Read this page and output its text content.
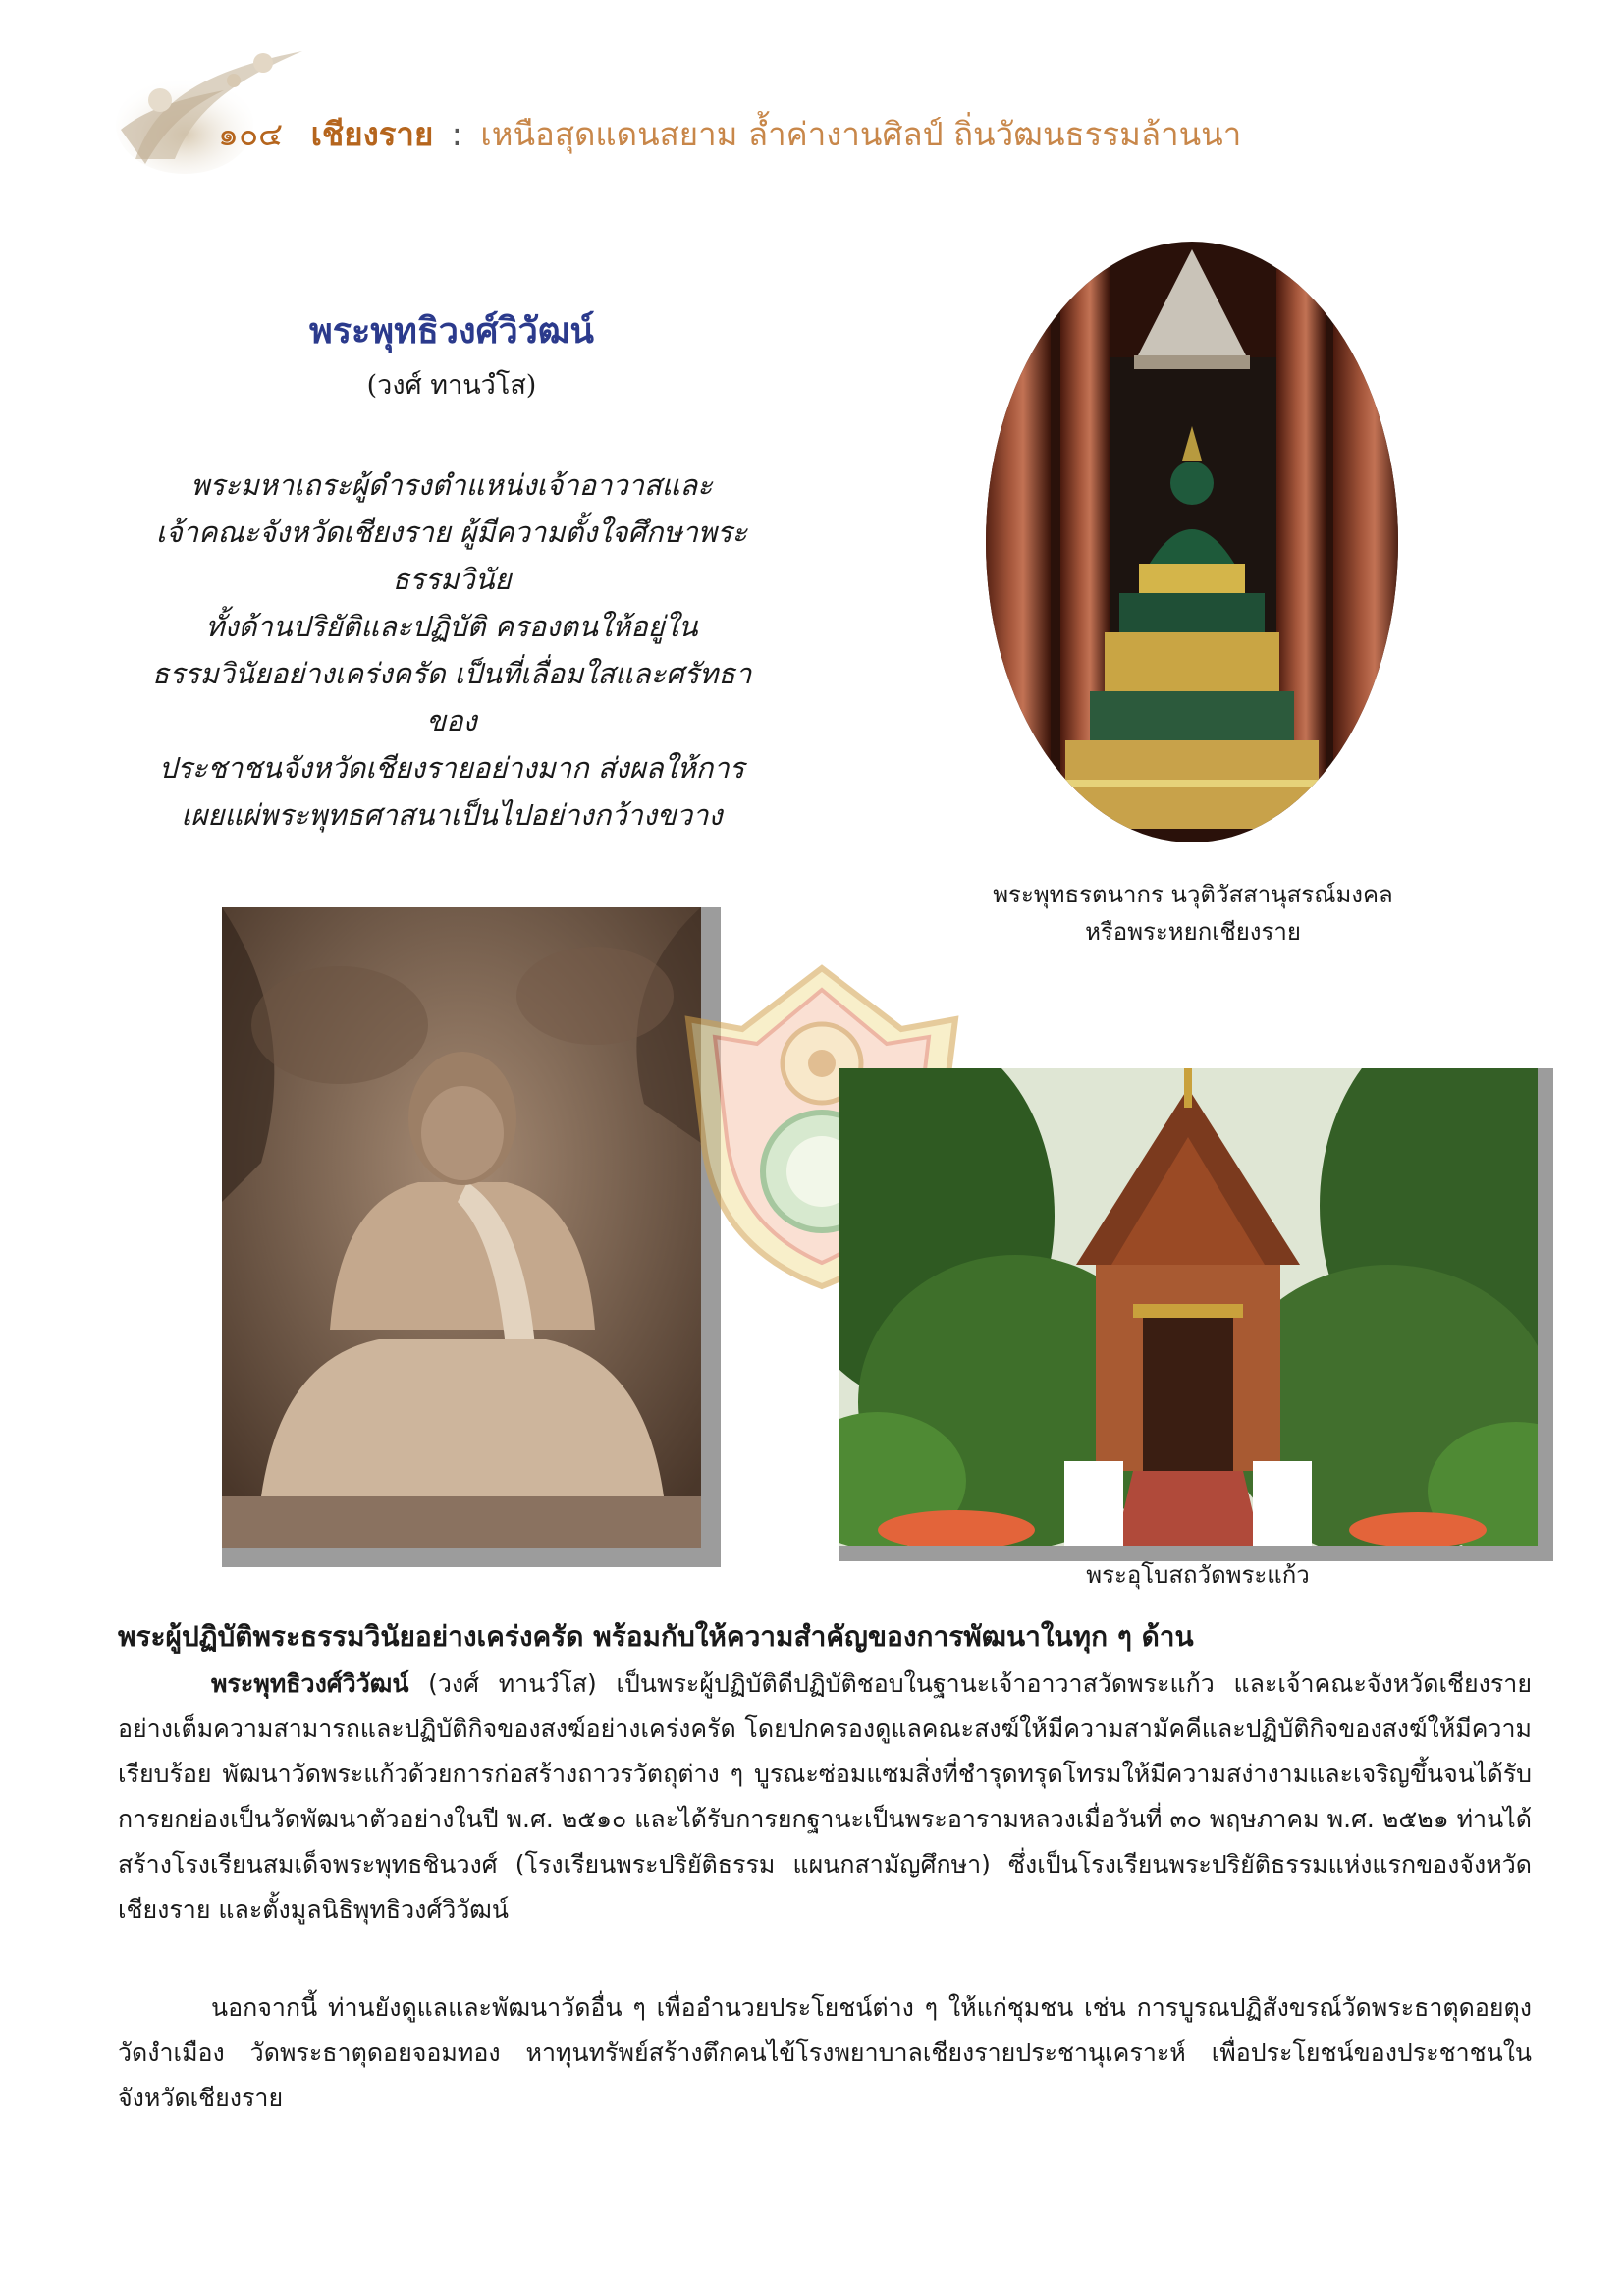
๑๐๔ เชียงราย : เหนือสุดแดนสยาม ล้ำค่างานศิลป์ ถิ่นวัฒนธรรมล้านนา
พระพุทธิวงศ์วิวัฒน์
(วงศ์ ทานวํโส)
พระมหาเถระผู้ดำรงตำแหน่งเจ้าอาวาสและ
เจ้าคณะจังหวัดเชียงราย ผู้มีความตั้งใจศึกษาพระธรรมวินัย
ทั้งด้านปริยัติและปฏิบัติ ครองตนให้อยู่ใน
ธรรมวินัยอย่างเคร่งครัด เป็นที่เลื่อมใสและศรัทธาของ
ประชาชนจังหวัดเชียงรายอย่างมาก ส่งผลให้การ
เผยแผ่พระพุทธศาสนาเป็นไปอย่างกว้างขวาง
พระพุทธรตนากร นวุติวัสสานุสรณ์มงคล
หรือพระหยกเชียงราย
พระอุโบสถวัดพระแก้ว
พระผู้ปฏิบัติพระธรรมวินัยอย่างเคร่งครัด พร้อมกับให้ความสำคัญของการพัฒนาในทุก ๆ ด้าน
พระพุทธิวงศ์วิวัฒน์ (วงศ์ ทานวํโส) เป็นพระผู้ปฏิบัติดีปฏิบัติชอบในฐานะเจ้าอาวาสวัดพระแก้ว และเจ้าคณะจังหวัดเชียงรายอย่างเต็มความสามารถและปฏิบัติกิจของสงฆ์อย่างเคร่งครัด โดยปกครองดูแลคณะสงฆ์ให้มีความสามัคคีและปฏิบัติกิจของสงฆ์ให้มีความเรียบร้อย พัฒนาวัดพระแก้วด้วยการก่อสร้างถาวรวัตถุต่าง ๆ บูรณะซ่อมแซมสิ่งที่ชำรุดทรุดโทรมให้มีความสง่างามและเจริญขึ้นจนได้รับการยกย่องเป็นวัดพัฒนาตัวอย่างในปี พ.ศ. ๒๕๑๐ และได้รับการยกฐานะเป็นพระอารามหลวงเมื่อวันที่ ๓๐ พฤษภาคม พ.ศ. ๒๕๒๑ ท่านได้สร้างโรงเรียนสมเด็จพระพุทธชินวงศ์ (โรงเรียนพระปริยัติธรรม แผนกสามัญศึกษา) ซึ่งเป็นโรงเรียนพระปริยัติธรรมแห่งแรกของจังหวัดเชียงราย และตั้งมูลนิธิพุทธิวงศ์วิวัฒน์
นอกจากนี้ ท่านยังดูแลและพัฒนาวัดอื่น ๆ เพื่ออำนวยประโยชน์ต่าง ๆ ให้แก่ชุมชน เช่น การบูรณปฏิสังขรณ์วัดพระธาตุดอยตุง วัดงำเมือง วัดพระธาตุดอยจอมทอง หาทุนทรัพย์สร้างตึกคนไข้โรงพยาบาลเชียงรายประชานุเคราะห์ เพื่อประโยชน์ของประชาชนในจังหวัดเชียงราย
